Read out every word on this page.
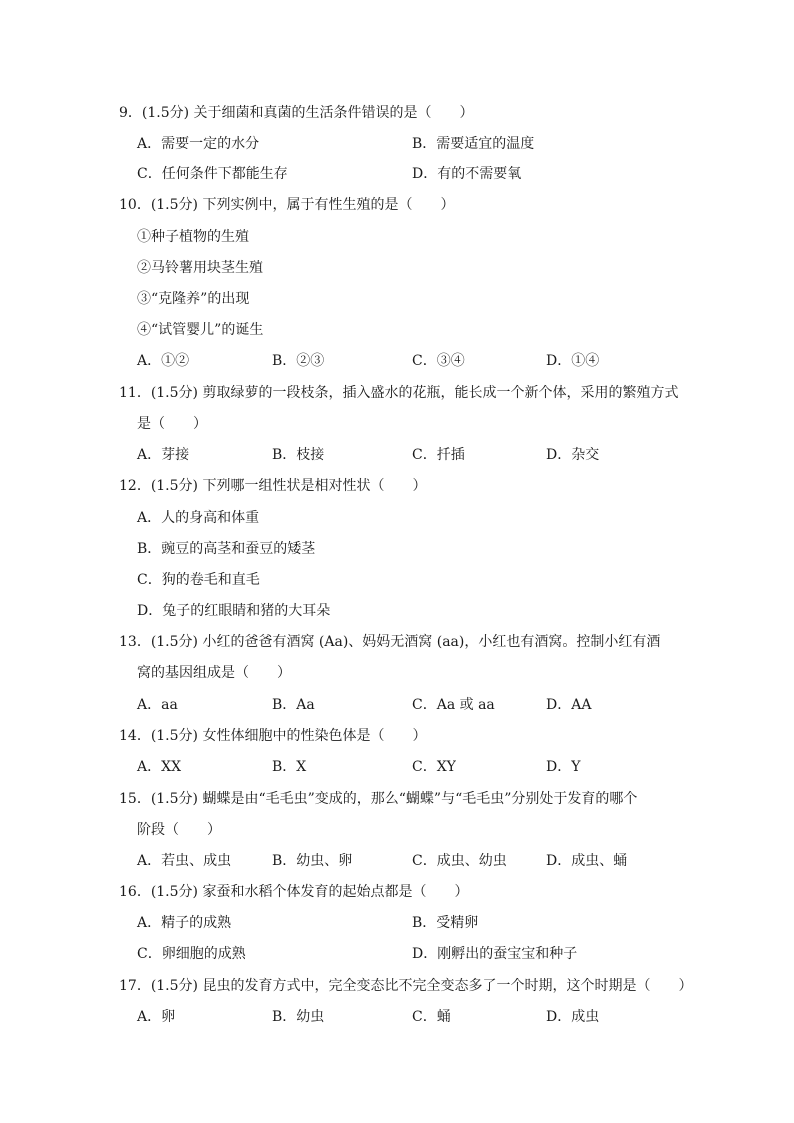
9．(1.5分) 关于细菌和真菌的生活条件错误的是（　　）
A．需要一定的水分	B．需要适宜的温度
C．任何条件下都能生存	D．有的不需要氧
10．(1.5分) 下列实例中，属于有性生殖的是（　　）
①种子植物的生殖
②马铃薯用块茎生殖
③“克隆养”的出现
④“试管婴儿”的诞生
A．①②	B．②③	C．③④	D．①④
11．(1.5分) 剪取绿萝的一段枝条，插入盛水的花瓶，能长成一个新个体，采用的繁殖方式
是（　　）
A．芽接	B．枝接	C．扦插	D．杂交
12．(1.5分) 下列哪一组性状是相对性状（　　）
A．人的身高和体重
B．豌豆的高茎和蚕豆的矮茎
C．狗的卷毛和直毛
D．兔子的红眼睛和猪的大耳朵
13．(1.5分) 小红的爸爸有酒窝 (Aa)、妈妈无酒窝 (aa)，小红也有酒窝。控制小红有酒
窝的基因组成是（　　）
A．aa	B．Aa	C．Aa 或 aa	D．AA
14．(1.5分) 女性体细胞中的性染色体是（　　）
A．XX	B．X	C．XY	D．Y
15．(1.5分) 蝴蝶是由“毛毛虫”变成的，那么“蝴蝶”与“毛毛虫”分别处于发育的哪个
阶段（　　）
A．若虫、成虫	B．幼虫、卵	C．成虫、幼虫	D．成虫、蛹
16．(1.5分) 家蚕和水稻个体发育的起始点都是（　　）
A．精子的成熟	B．受精卵
C．卵细胞的成熟	D．刚孵出的蚕宝宝和种子
17．(1.5分) 昆虫的发育方式中，完全变态比不完全变态多了一个时期，这个时期是（　　）
A．卵	B．幼虫	C．蛹	D．成虫
